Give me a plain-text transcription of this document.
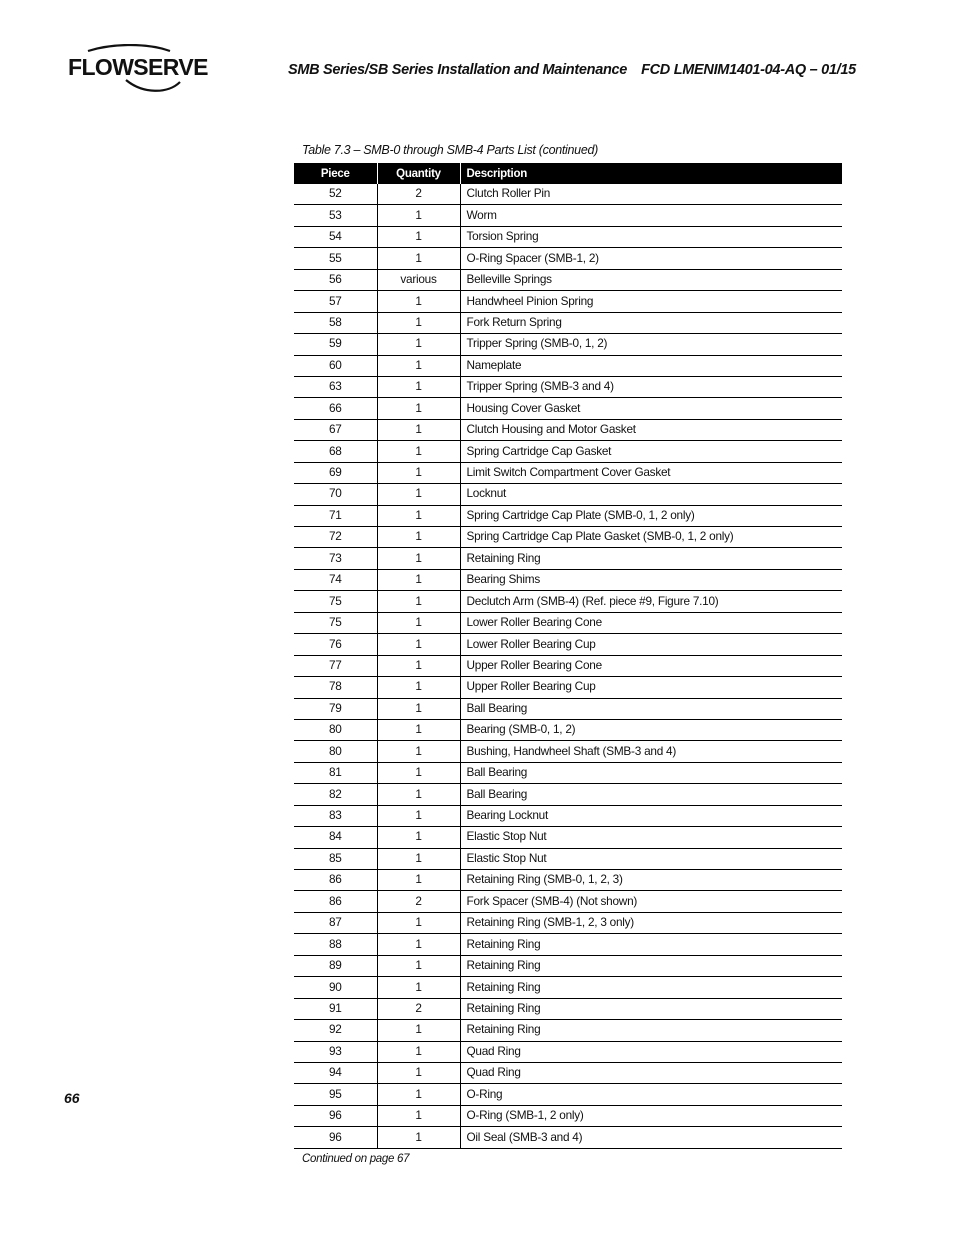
FLOWSERVE	SMB Series/SB Series Installation and Maintenance FCD LMENIM1401-04-AQ – 01/15
Table 7.3 – SMB-0 through SMB-4 Parts List (continued)
Piece	Quantity	Description
52	2	Clutch Roller Pin
53	1	Worm
54	1	Torsion Spring
55	1	O-Ring Spacer (SMB-1, 2)
56	various	Belleville Springs
57	1	Handwheel Pinion Spring
58	1	Fork Return Spring
59	1	Tripper Spring (SMB-0, 1, 2)
60	1	Nameplate
63	1	Tripper Spring (SMB-3 and 4)
66	1	Housing Cover Gasket
67	1	Clutch Housing and Motor Gasket
68	1	Spring Cartridge Cap Gasket
69	1	Limit Switch Compartment Cover Gasket
70	1	Locknut
71	1	Spring Cartridge Cap Plate (SMB-0, 1, 2 only)
72	1	Spring Cartridge Cap Plate Gasket (SMB-0, 1, 2 only)
73	1	Retaining Ring
74	1	Bearing Shims
75	1	Declutch Arm (SMB-4) (Ref. piece #9, Figure 7.10)
75	1	Lower Roller Bearing Cone
76	1	Lower Roller Bearing Cup
77	1	Upper Roller Bearing Cone
78	1	Upper Roller Bearing Cup
79	1	Ball Bearing
80	1	Bearing (SMB-0, 1, 2)
80	1	Bushing, Handwheel Shaft (SMB-3 and 4)
81	1	Ball Bearing
82	1	Ball Bearing
83	1	Bearing Locknut
84	1	Elastic Stop Nut
85	1	Elastic Stop Nut
86	1	Retaining Ring (SMB-0, 1, 2, 3)
86	2	Fork Spacer (SMB-4) (Not shown)
87	1	Retaining Ring (SMB-1, 2, 3 only)
88	1	Retaining Ring
89	1	Retaining Ring
90	1	Retaining Ring
91	2	Retaining Ring
92	1	Retaining Ring
93	1	Quad Ring
94	1	Quad Ring
95	1	O-Ring
96	1	O-Ring (SMB-1, 2 only)
96	1	Oil Seal (SMB-3 and 4)
Continued on page 67
66
